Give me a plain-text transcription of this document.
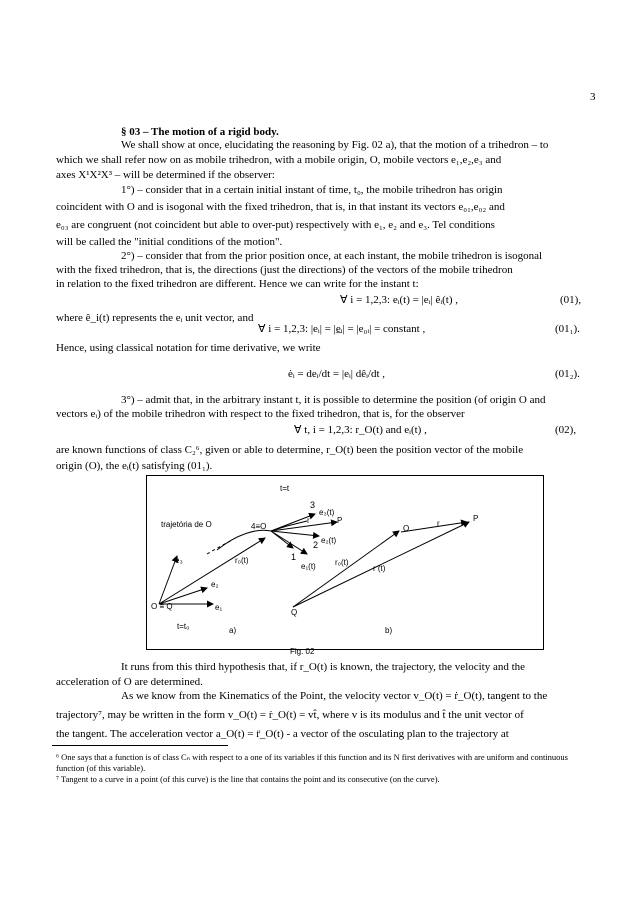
3
§ 03 – The motion of a rigid body.
We shall show at once, elucidating the reasoning by Fig. 02 a), that the motion of a trihedron – to
which we shall refer now on as mobile trihedron, with a mobile origin, O, mobile vectors e₁,e₂,e₃ and
axes X¹X²X³ – will be determined if the observer:
1°) – consider that in a certain initial instant of time, t₀, the mobile trihedron has origin
coincident with O and is isogonal with the fixed trihedron, that is, in that instant its vectors e₀₁,e₀₂ and
e₀₃ are congruent (not coincident but able to over-put) respectively with e₁, e₂ and e₃. Tel conditions
will be called the "initial conditions of the motion".
2°) – consider that from the prior position once, at each instant, the mobile trihedron is isogonal
with the fixed trihedron, that is, the directions (just the directions) of the vectors of the mobile trihedron
in relation to the fixed trihedron are different. Hence we can write for the instant t:
∀ i = 1,2,3: eᵢ(t) = |eᵢ| êᵢ(t) ,	(01),
where ê_i(t) represents the eᵢ unit vector, and
∀ i = 1,2,3: |eᵢ| = |e̲ᵢ| = |e₀ᵢ| = constant ,	(01₁).
Hence, using classical notation for time derivative, we write
ėᵢ = deᵢ/dt = |eᵢ| dêᵢ/dt ,	(01₂).
3°) – admit that, in the arbitrary instant t, it is possible to determine the position (of origin O and
vectors eᵢ) of the mobile trihedron with respect to the fixed trihedron, that is, for the observer
∀ t, i = 1,2,3: r_O(t) and eᵢ(t) ,	(02),
are known functions of class C₂⁶, given or able to determine, r_O(t) been the position vector of the mobile
origin (O), the eᵢ(t) satisfying (01₁).
t=t
trajetória de O	4≡O
O ≡ Q
e₃
e₂
e₁
r₀(t)
e₃(t)
e₂(t)
e₁(t)
r	P
3
2
1
O
Q
r₀(t)
r (t)
r
P
t=t₀	a)	b)
Fig. 02
It runs from this third hypothesis that, if r_O(t) is known, the trajectory, the velocity and the
acceleration of O are determined.
As we know from the Kinematics of the Point, the velocity vector v_O(t) = ṙ_O(t), tangent to the
trajectory⁷, may be written in the form v_O(t) = ṙ_O(t) = vt̂, where v is its modulus and t̂ the unit vector of
the tangent. The acceleration vector a_O(t) = r̈_O(t) - a vector of the osculating plan to the trajectory at
⁶ One says that a function is of class Cₙ with respect to a one of its variables if this function and its N first derivatives with are uniform and continuous function (of this variable).
⁷ Tangent to a curve in a point (of this curve) is the line that contains the point and its consecutive (on the curve).
